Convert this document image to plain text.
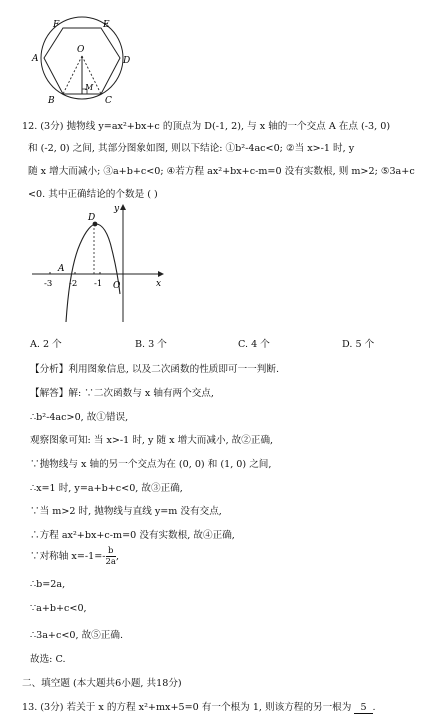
F	E
A
O
D
M
B	C
12. (3分) 抛物线 y=ax²+bx+c 的顶点为 D(-1, 2), 与 x 轴的一个交点 A 在点 (-3, 0)
和 (-2, 0) 之间, 其部分图象如图, 则以下结论: ①b²-4ac<0; ②当 x>-1 时, y
随 x 增大而减小; ③a+b+c<0; ④若方程 ax²+bx+c-m=0 没有实数根, 则 m>2; ⑤3a+c
<0. 其中正确结论的个数是 ( )
D
y
A
-3 -2 -1 O	x
A. 2 个	B. 3 个	C. 4 个	D. 5 个
【分析】利用图象信息, 以及二次函数的性质即可一一判断.
【解答】解: ∵二次函数与 x 轴有两个交点,
∴b²-4ac>0, 故①错误,
观察图象可知: 当 x>-1 时, y 随 x 增大而减小, 故②正确,
∵抛物线与 x 轴的另一个交点为在 (0, 0) 和 (1, 0) 之间,
∴x=1 时, y=a+b+c<0, 故③正确,
∵当 m>2 时, 抛物线与直线 y=m 没有交点,
∴方程 ax²+bx+c-m=0 没有实数根, 故④正确,
∵对称轴 $x=-1=- \frac{b}{2a}$ ,
∴b=2a,
∵a+b+c<0,
∴3a+c<0, 故⑤正确.
故选: C.
二、填空题 (本大题共6小题, 共18分)
13. (3分) 若关于 x 的方程 x²+mx+5=0 有一个根为 1, 则该方程的另一根为 5 .
